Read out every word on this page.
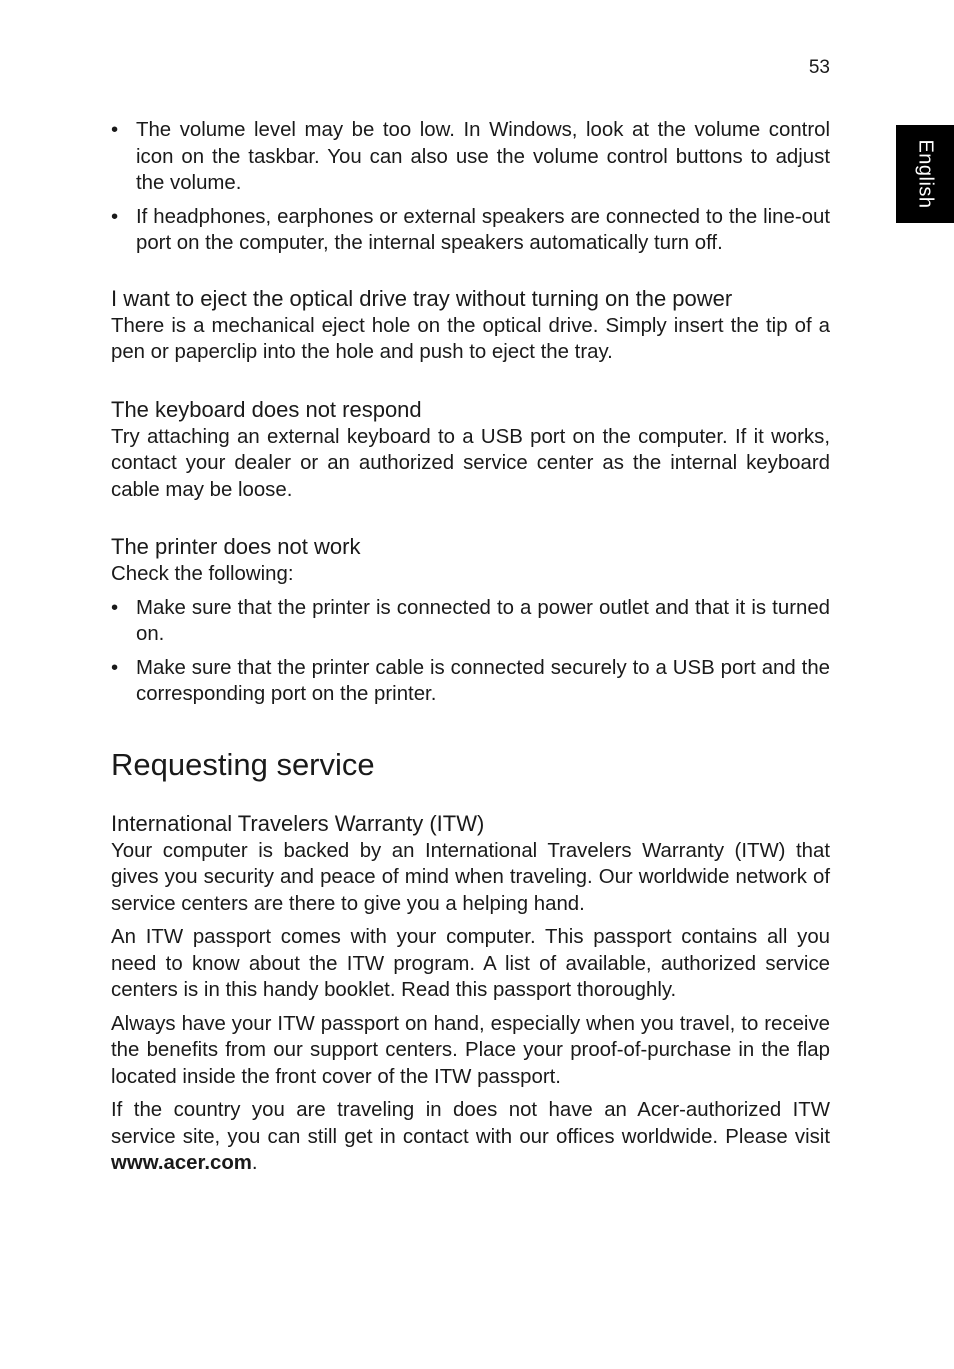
53
English
• The volume level may be too low. In Windows, look at the volume control icon on the taskbar. You can also use the volume control buttons to adjust the volume.
• If headphones, earphones or external speakers are connected to the line-out port on the computer, the internal speakers automatically turn off.
I want to eject the optical drive tray without turning on the power

There is a mechanical eject hole on the optical drive. Simply insert the tip of a pen or paperclip into the hole and push to eject the tray.

The keyboard does not respond

Try attaching an external keyboard to a USB port on the computer. If it works, contact your dealer or an authorized service center as the internal keyboard cable may be loose.

The printer does not work

Check the following:

• Make sure that the printer is connected to a power outlet and that it is turned on.
• Make sure that the printer cable is connected securely to a USB port and the corresponding port on the printer.
Requesting service
International Travelers Warranty (ITW)

Your computer is backed by an International Travelers Warranty (ITW) that gives you security and peace of mind when traveling. Our worldwide network of service centers are there to give you a helping hand.

An ITW passport comes with your computer. This passport contains all you need to know about the ITW program. A list of available, authorized service centers is in this handy booklet. Read this passport thoroughly.

Always have your ITW passport on hand, especially when you travel, to receive the benefits from our support centers. Place your proof-of-purchase in the flap located inside the front cover of the ITW passport.

If the country you are traveling in does not have an Acer-authorized ITW service site, you can still get in contact with our offices worldwide. Please visit www.acer.com.
